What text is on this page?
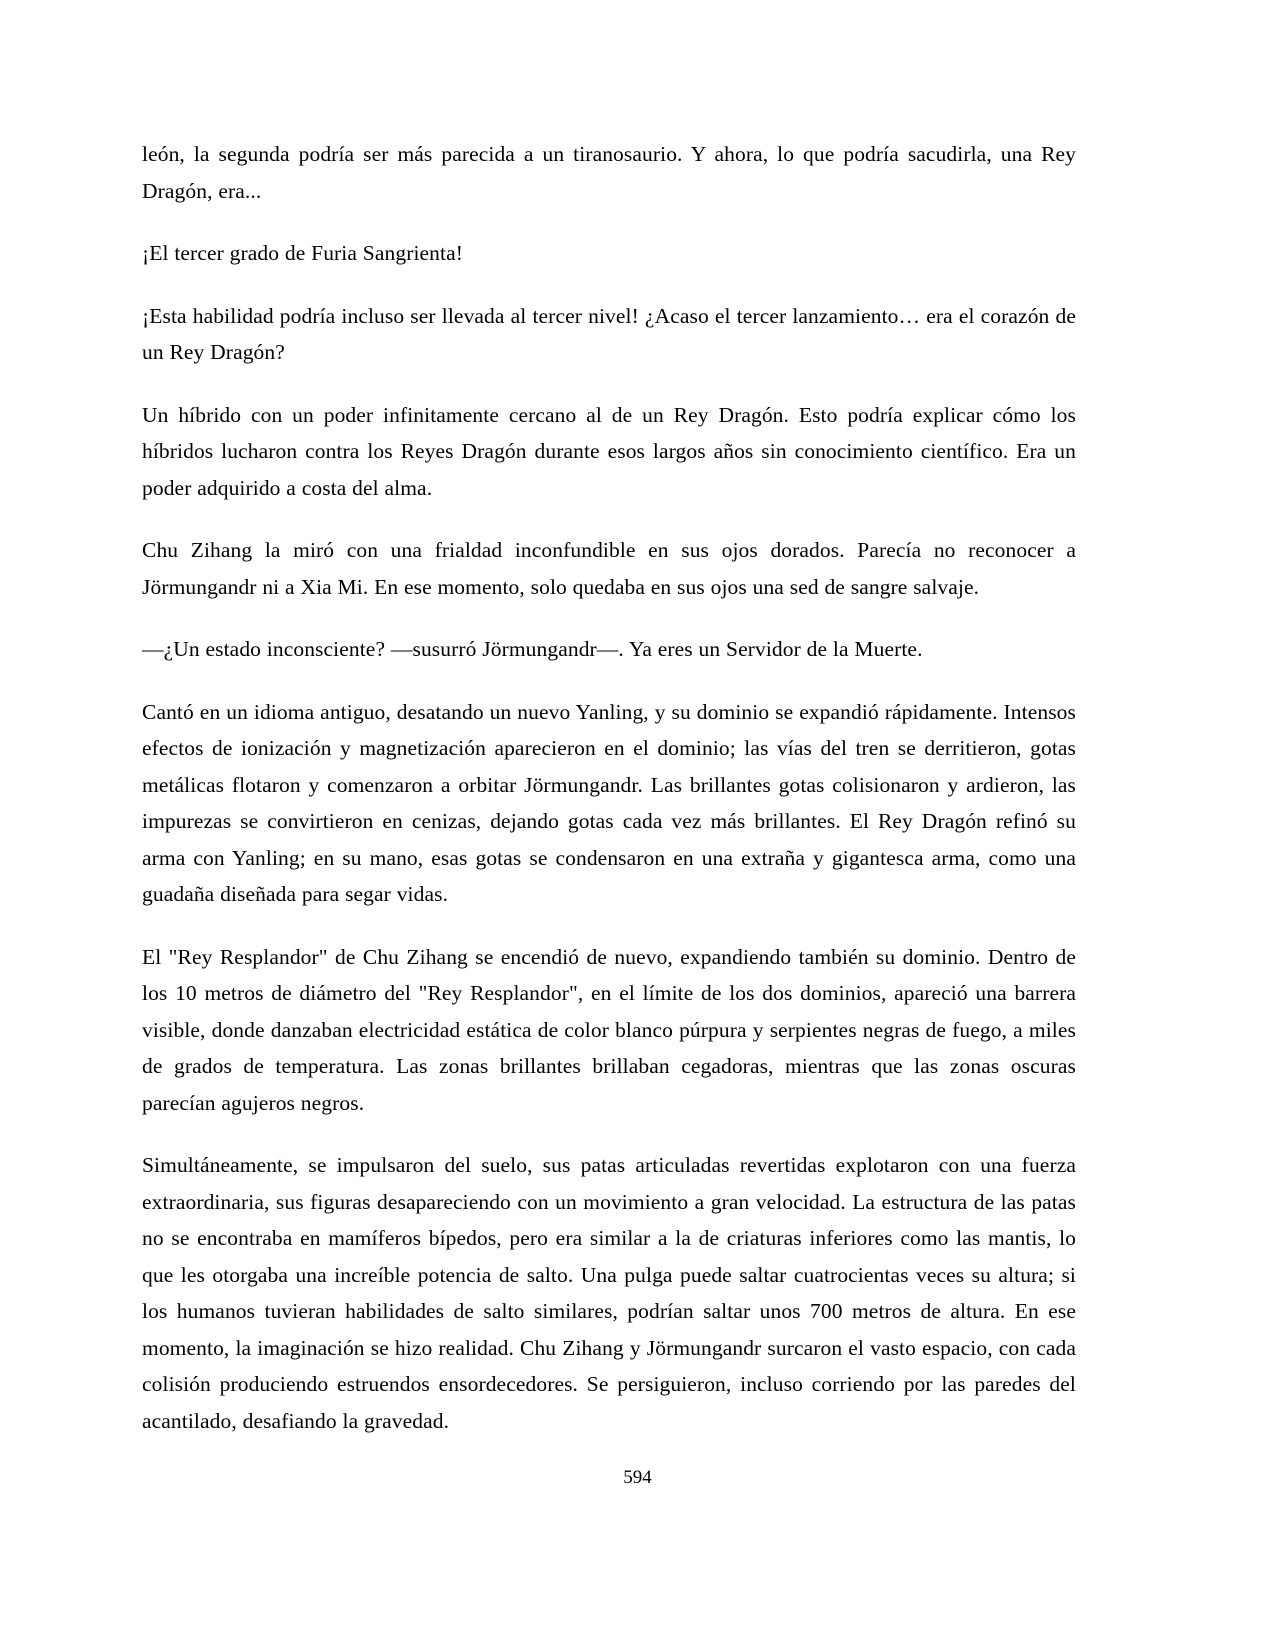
león, la segunda podría ser más parecida a un tiranosaurio. Y ahora, lo que podría sacudirla, una Rey Dragón, era...

¡El tercer grado de Furia Sangrienta!

¡Esta habilidad podría incluso ser llevada al tercer nivel! ¿Acaso el tercer lanzamiento… era el corazón de un Rey Dragón?

Un híbrido con un poder infinitamente cercano al de un Rey Dragón. Esto podría explicar cómo los híbridos lucharon contra los Reyes Dragón durante esos largos años sin conocimiento científico. Era un poder adquirido a costa del alma.

Chu Zihang la miró con una frialdad inconfundible en sus ojos dorados. Parecía no reconocer a Jörmungandr ni a Xia Mi. En ese momento, solo quedaba en sus ojos una sed de sangre salvaje.

—¿Un estado inconsciente? —susurró Jörmungandr—. Ya eres un Servidor de la Muerte.

Cantó en un idioma antiguo, desatando un nuevo Yanling, y su dominio se expandió rápidamente. Intensos efectos de ionización y magnetización aparecieron en el dominio; las vías del tren se derritieron, gotas metálicas flotaron y comenzaron a orbitar Jörmungandr. Las brillantes gotas colisionaron y ardieron, las impurezas se convirtieron en cenizas, dejando gotas cada vez más brillantes. El Rey Dragón refinó su arma con Yanling; en su mano, esas gotas se condensaron en una extraña y gigantesca arma, como una guadaña diseñada para segar vidas.

El "Rey Resplandor" de Chu Zihang se encendió de nuevo, expandiendo también su dominio. Dentro de los 10 metros de diámetro del "Rey Resplandor", en el límite de los dos dominios, apareció una barrera visible, donde danzaban electricidad estática de color blanco púrpura y serpientes negras de fuego, a miles de grados de temperatura. Las zonas brillantes brillaban cegadoras, mientras que las zonas oscuras parecían agujeros negros.

Simultáneamente, se impulsaron del suelo, sus patas articuladas revertidas explotaron con una fuerza extraordinaria, sus figuras desapareciendo con un movimiento a gran velocidad. La estructura de las patas no se encontraba en mamíferos bípedos, pero era similar a la de criaturas inferiores como las mantis, lo que les otorgaba una increíble potencia de salto. Una pulga puede saltar cuatrocientas veces su altura; si los humanos tuvieran habilidades de salto similares, podrían saltar unos 700 metros de altura. En ese momento, la imaginación se hizo realidad. Chu Zihang y Jörmungandr surcaron el vasto espacio, con cada colisión produciendo estruendos ensordecedores. Se persiguieron, incluso corriendo por las paredes del acantilado, desafiando la gravedad.

594
